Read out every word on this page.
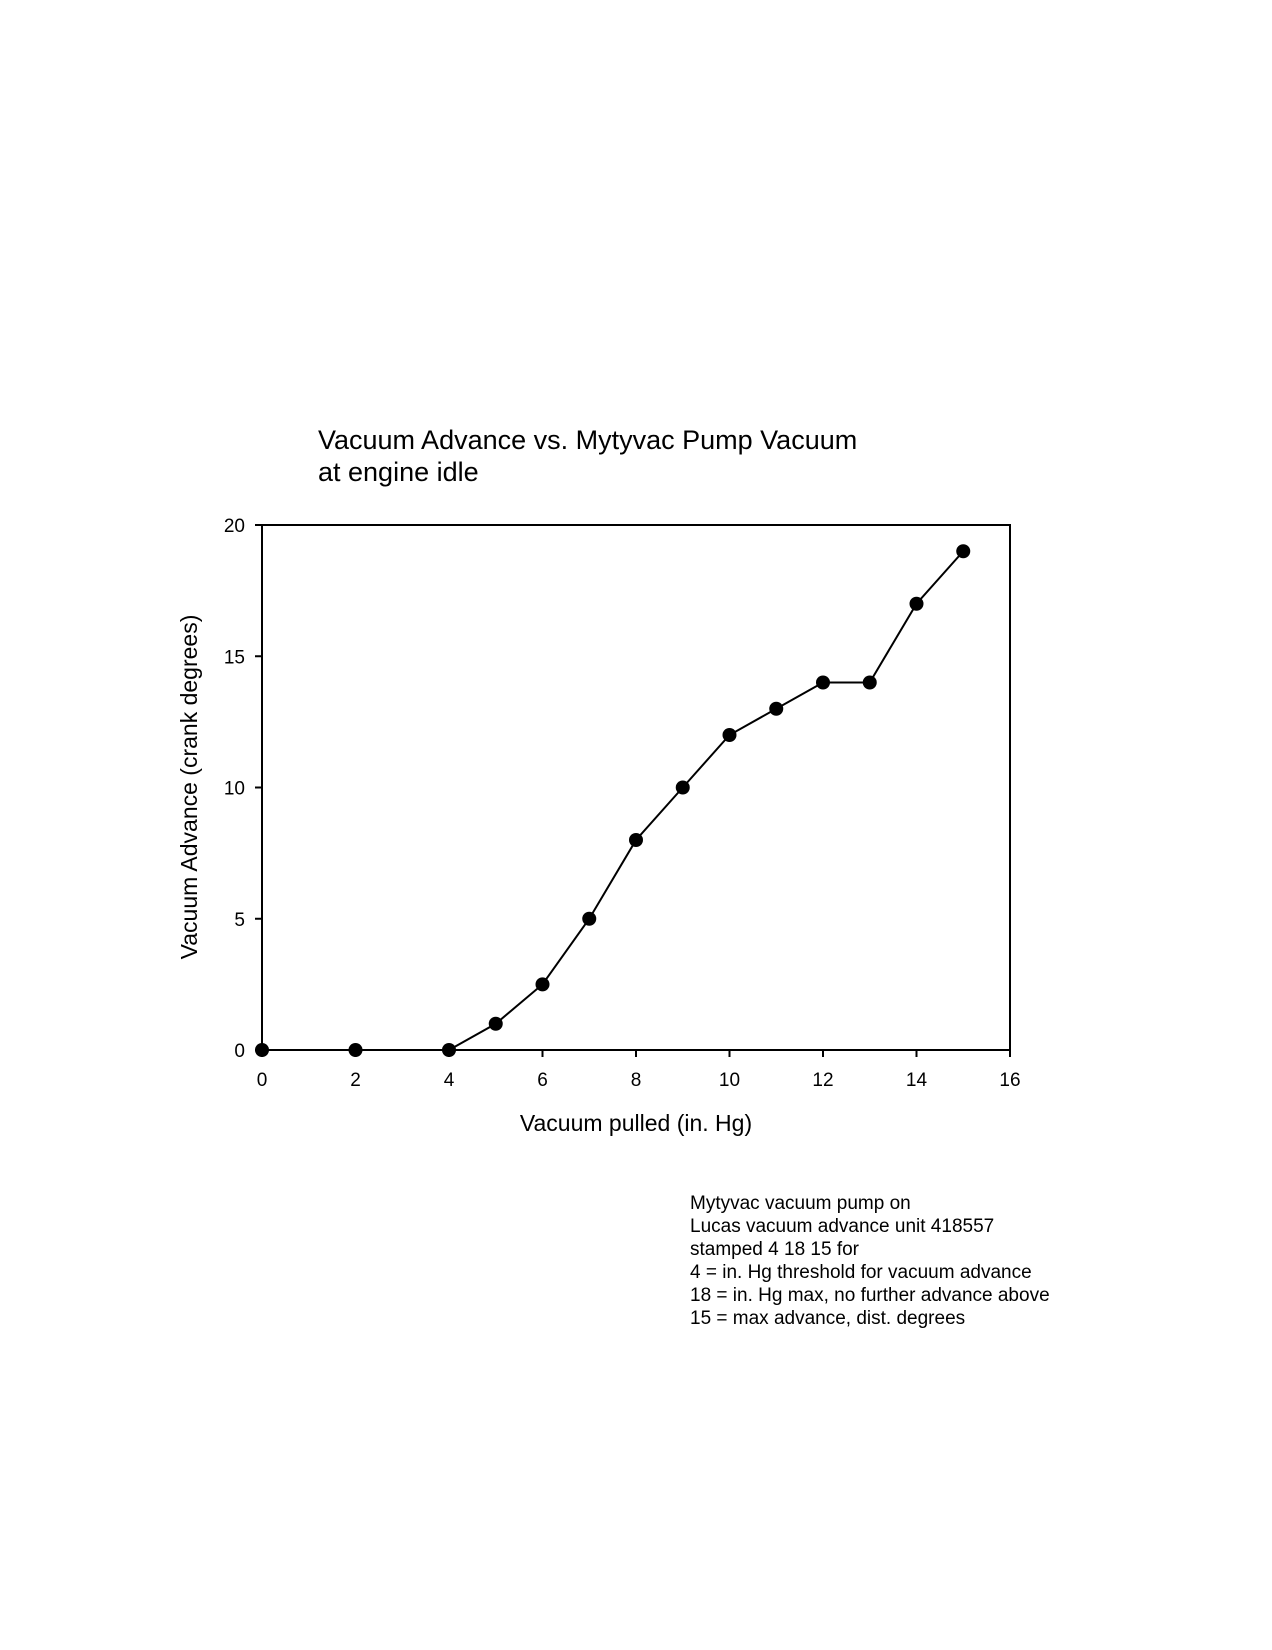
Vacuum Advance vs. Mytyvac Pump Vacuum
at engine idle
0
5
10
15
20
0	2	4	6	8	10	12	14	16
Vacuum pulled (in. Hg)
Vacuum Advance (crank degrees)
Mytyvac vacuum pump on
Lucas vacuum advance unit 418557
stamped 4 18 15 for
4 = in. Hg threshold for vacuum advance
18 = in. Hg max, no further advance above
15 = max advance, dist. degrees
